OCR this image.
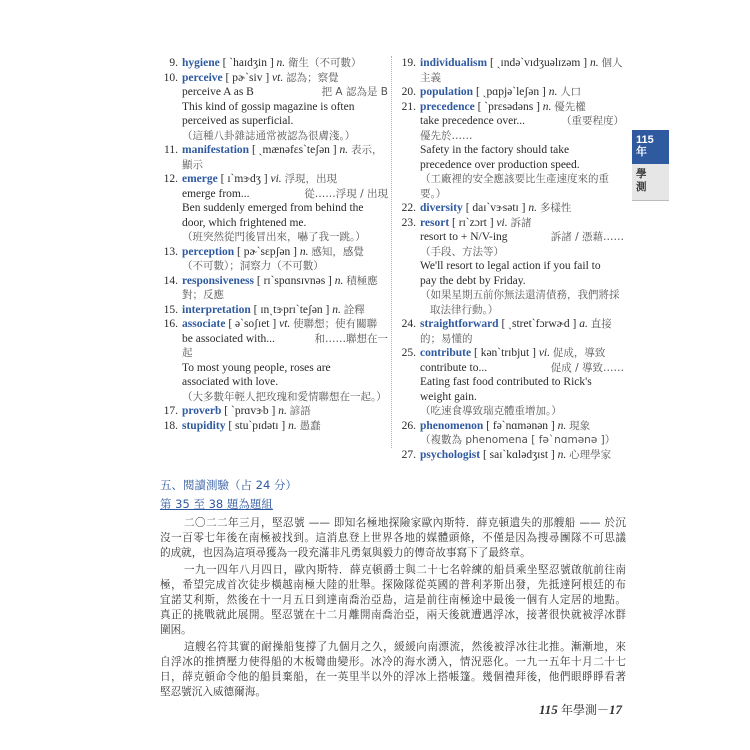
9. hygiene [ ˋhaɪdʒin ] n. 衛生（不可數）
10. perceive [ pɚˋsiv ] vt. 認為；察覺
perceive A as B	把 A 認為是 B
This kind of gossip magazine is often
perceived as superficial.
（這種八卦雜誌通常被認為很膚淺。）
11. manifestation [ ˏmænəfɛsˋteʃən ] n. 表示，
顯示
12. emerge [ ɪˋmɝdʒ ] vi. 浮現，出現
emerge from...	從……浮現 / 出現
Ben suddenly emerged from behind the
door, which frightened me.
（班突然從門後冒出來，嚇了我一跳。）
13. perception [ pɚˋsɛpʃən ] n. 感知，感覺
（不可數）；洞察力（不可數）
14. responsiveness [ rɪˋspɑnsɪvnəs ] n. 積極應
對；反應
15. interpretation [ ɪnˏtɝprɪˋteʃən ] n. 詮釋
16. associate [ əˋsoʃɪet ] vt. 使聯想；使有關聯
be associated with...	和……聯想在一
起
To most young people, roses are
associated with love.
（大多數年輕人把玫瑰和愛情聯想在一起。）
17. proverb [ ˋprɑvɝb ] n. 諺語
18. stupidity [ stuˋpɪdətɪ ] n. 愚蠢
19. individualism [ ˏɪndəˋvɪdʒuəlɪzəm ] n. 個人
主義
20. population [ ˏpɑpjəˋleʃən ] n. 人口
21. precedence [ ˋprɛsədəns ] n. 優先權
take precedence over...	（重要程度）
優先於……
Safety in the factory should take
precedence over production speed.
（工廠裡的安全應該要比生產速度來的重要。）
22. diversity [ daɪˋvɝsətɪ ] n. 多樣性
23. resort [ rɪˋzɔrt ] vi. 訴諸
resort to + N/V-ing	訴諸 / 憑藉……
（手段、方法等）
We'll resort to legal action if you fail to
pay the debt by Friday.
（如果星期五前你無法還清債務，我們將採
取法律行動。）
24. straightforward [ ˏstretˋfɔrwɚd ] a. 直接
的；易懂的
25. contribute [ kənˋtrɪbjut ] vi. 促成，導致
contribute to...	促成 / 導致……
Eating fast food contributed to Rick's
weight gain.
（吃速食導致瑞克體重增加。）
26. phenomenon [ fəˋnɑmənən ] n. 現象
（複數為 phenomena [ fəˋnɑmənə ]）
27. psychologist [ saɪˋkɑlədʒɪst ] n. 心理學家
115
年
學
測
五、閱讀測驗（占 24 分）
第 35 至 38 題為題組
二〇二二年三月，堅忍號 —— 即知名極地探險家歐內斯特．薛克頓遺失的那艘船 —— 於沉
沒一百零七年後在南極被找到。這消息登上世界各地的媒體頭條，不僅是因為搜尋團隊不可思議
的成就，也因為這項尋獲為一段充滿非凡勇氣與毅力的傳奇故事寫下了最終章。
一九一四年八月四日，歐內斯特．薛克頓爵士與二十七名幹練的船員乘坐堅忍號啟航前往南
極，希望完成首次徒步橫越南極大陸的壯舉。探險隊從英國的普利茅斯出發，先抵達阿根廷的布
宜諾艾利斯，然後在十一月五日到達南喬治亞島，這是前往南極途中最後一個有人定居的地點。
真正的挑戰就此展開。堅忍號在十二月離開南喬治亞，兩天後就遭遇浮冰，接著很快就被浮冰群
圍困。
這艘名符其實的耐操船隻撐了九個月之久，緩緩向南漂流，然後被浮冰往北推。漸漸地，來
自浮冰的推擠壓力使得船的木板彎曲變形。冰冷的海水湧入，情況惡化。一九一五年十月二十七
日，薛克頓命令他的船員棄船，在一英里半以外的浮冰上搭帳篷。幾個禮拜後，他們眼睜睜看著
堅忍號沉入威德爾海。
115 年學測－17
